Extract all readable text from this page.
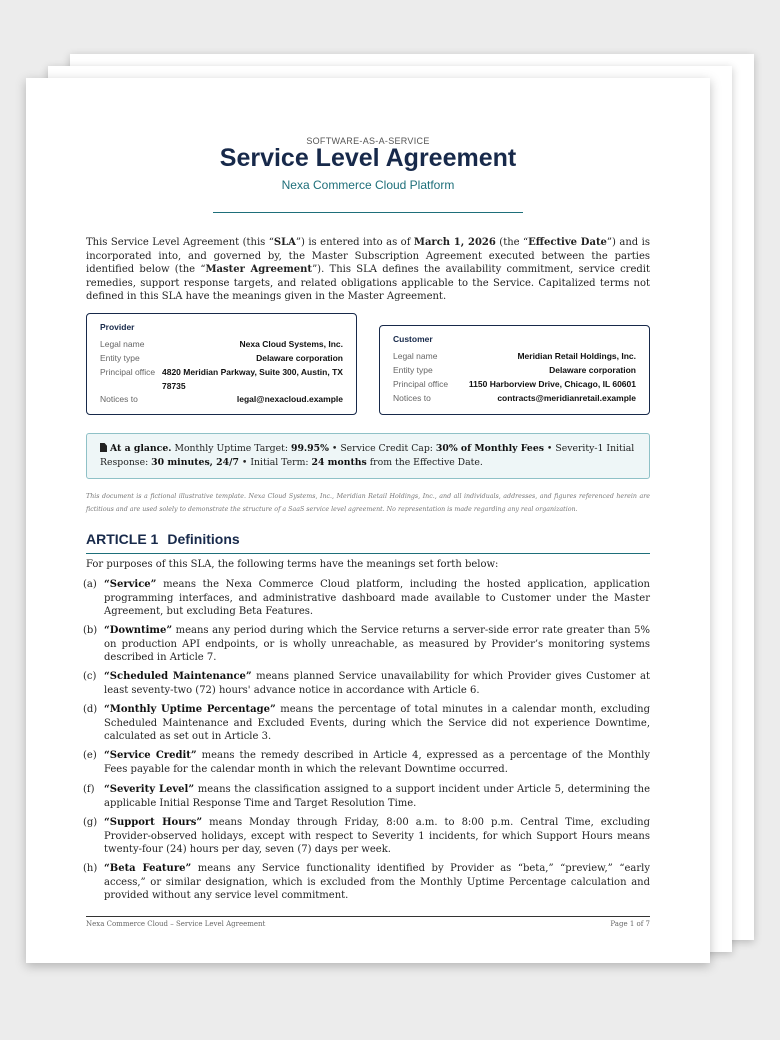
SOFTWARE-AS-A-SERVICE
Service Level Agreement
Nexa Commerce Cloud Platform
This Service Level Agreement (this “SLA”) is entered into as of March 1, 2026 (the “Effective Date”) and is incorporated into, and governed by, the Master Subscription Agreement executed between the parties identified below (the “Master Agreement”). This SLA defines the availability commitment, service credit remedies, support response targets, and related obligations applicable to the Service. Capitalized terms not defined in this SLA have the meanings given in the Master Agreement.
Provider
Legal name	Nexa Cloud Systems, Inc.
Entity type	Delaware corporation
Principal office 4820 Meridian Parkway, Suite 300, Austin, TX 78735
Notices to	legal@nexacloud.example
Customer
Legal name	Meridian Retail Holdings, Inc.
Entity type	Delaware corporation
Principal office 1150 Harborview Drive, Chicago, IL 60601
Notices to	contracts@meridianretail.example
At a glance. Monthly Uptime Target: 99.95% • Service Credit Cap: 30% of Monthly Fees • Severity-1 Initial Response: 30 minutes, 24/7 • Initial Term: 24 months from the Effective Date.
This document is a fictional illustrative template. Nexa Cloud Systems, Inc., Meridian Retail Holdings, Inc., and all individuals, addresses, and figures referenced herein are fictitious and are used solely to demonstrate the structure of a SaaS service level agreement. No representation is made regarding any real organization.
ARTICLE 1 Definitions
For purposes of this SLA, the following terms have the meanings set forth below:
(a) “Service” means the Nexa Commerce Cloud platform, including the hosted application, application programming interfaces, and administrative dashboard made available to Customer under the Master Agreement, but excluding Beta Features.
(b) “Downtime” means any period during which the Service returns a server-side error rate greater than 5% on production API endpoints, or is wholly unreachable, as measured by Provider’s monitoring systems described in Article 7.
(c) “Scheduled Maintenance” means planned Service unavailability for which Provider gives Customer at least seventy-two (72) hours' advance notice in accordance with Article 6.
(d) “Monthly Uptime Percentage” means the percentage of total minutes in a calendar month, excluding Scheduled Maintenance and Excluded Events, during which the Service did not experience Downtime, calculated as set out in Article 3.
(e) “Service Credit” means the remedy described in Article 4, expressed as a percentage of the Monthly Fees payable for the calendar month in which the relevant Downtime occurred.
(f) “Severity Level” means the classification assigned to a support incident under Article 5, determining the applicable Initial Response Time and Target Resolution Time.
(g) “Support Hours” means Monday through Friday, 8:00 a.m. to 8:00 p.m. Central Time, excluding Provider-observed holidays, except with respect to Severity 1 incidents, for which Support Hours means twenty-four (24) hours per day, seven (7) days per week.
(h) “Beta Feature” means any Service functionality identified by Provider as “beta,” “preview,” “early access,” or similar designation, which is excluded from the Monthly Uptime Percentage calculation and provided without any service level commitment.
Nexa Commerce Cloud – Service Level Agreement	Page 1 of 7
